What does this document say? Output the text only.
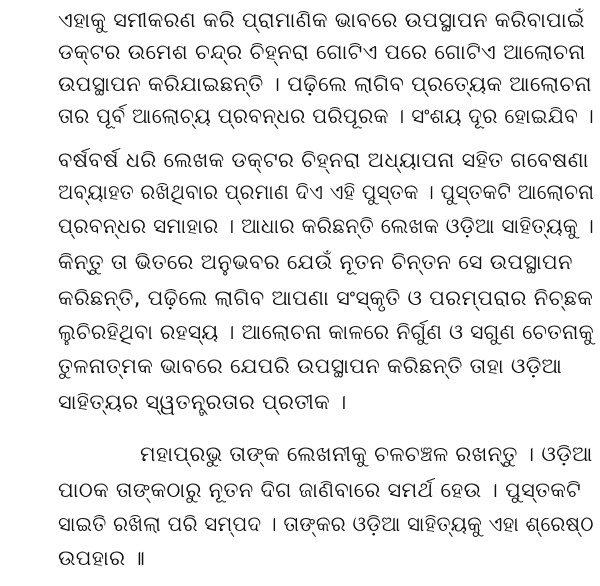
ଏହାକୁ ସମୀକରଣ କରି ପ୍ରାମାଣିକ ଭାବରେ ଉପସ୍ଥାପନ କରିବାପାଇଁ
ଡକ୍ଟର ଉମେଶ ଚନ୍ଦ୍ର ଚିହ୍ନରା ଗୋଟିଏ ପରେ ଗୋଟିଏ ଆଲୋଚନା
ଉପସ୍ଥାପନ କରିଯାଇଛନ୍ତି । ପଢ଼ିଲେ ଲାଗିବ ପ୍ରତ୍ୟେକ ଆଲୋଚନା
ତାର ପୂର୍ବ ଆଲୋଚ୍ୟ ପ୍ରବନ୍ଧର ପରିପୂରକ । ସଂଶୟ ଦୂର ହୋଇଯିବ ।
ବର୍ଷବର୍ଷ ଧରି ଲେଖକ ଡକ୍ଟର ଚିହ୍ନରା ଅଧ୍ୟାପନା ସହିତ ଗବେଷଣା
ଅବ୍ୟାହତ ରଖିଥିବାର ପ୍ରମାଣ ଦିଏ ଏହି ପୁସ୍ତକ । ପୁସ୍ତକଟି ଆଲୋଚନା
ପ୍ରବନ୍ଧର ସମାହାର । ଆଧାର କରିଛନ୍ତି ଲେଖକ ଓଡ଼ିଆ ସାହିତ୍ୟକୁ ।
କିନ୍ତୁ ତା ଭିତରେ ଅନୁଭବର ଯେଉଁ ନୂତନ ଚିନ୍ତନ ସେ ଉପସ୍ଥାପନ
କରିଛନ୍ତି, ପଢ଼ିଲେ ଲାଗିବ ଆପଣା ସଂସ୍କୃତି ଓ ପରମ୍ପରାର ନିଚ୍ଛକ
ଲୁଚିରହିଥିବା ରହସ୍ୟ । ଆଲୋଚନା କାଳରେ ନିର୍ଗୁଣ ଓ ସଗୁଣ ଚେତନାକୁ
ତୁଳନାତ୍ମକ ଭାବରେ ଯେପରି ଉପସ୍ଥାପନ କରିଛନ୍ତି ତାହା ଓଡ଼ିଆ
ସାହିତ୍ୟର ସ୍ୱତନ୍ତ୍ରତାର ପ୍ରତୀକ ।
ମହାପ୍ରଭୁ ତାଙ୍କ ଲେଖନୀକୁ ଚଳଚଞ୍ଚଳ ରଖନ୍ତୁ । ଓଡ଼ିଆ
ପାଠକ ତାଙ୍କଠାରୁ ନୂତନ ଦିଗ ଜାଣିବାରେ ସମର୍ଥ ହେଉ । ପୁସ୍ତକଟି
ସାଇତି ରଖିଲା ପରି ସମ୍ପଦ । ତାଙ୍କର ଓଡ଼ିଆ ସାହିତ୍ୟକୁ ଏହା ଶ୍ରେଷ୍ଠ
ଉପହାର ॥
